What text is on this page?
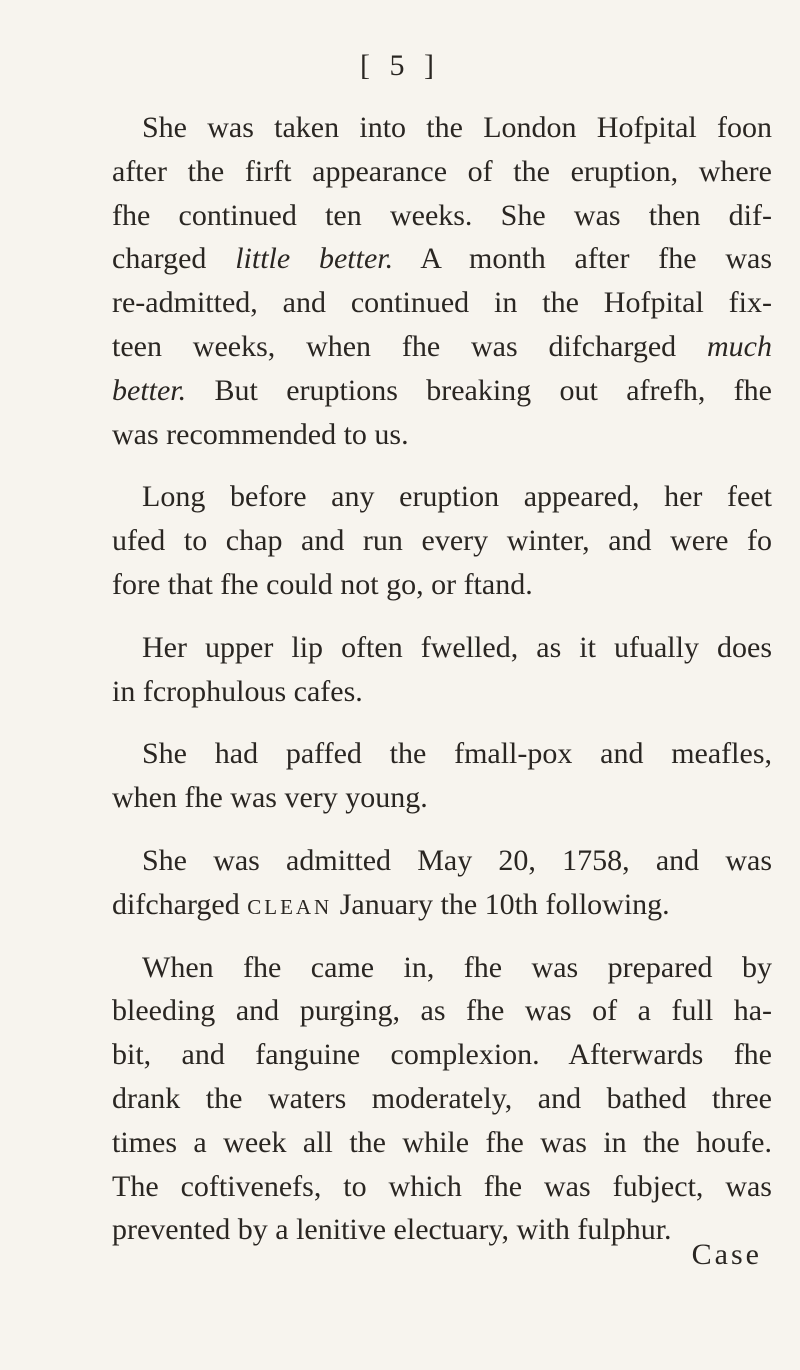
[ 5 ]
She was taken into the London Hofpital foon
after the firft appearance of the eruption, where
fhe continued ten weeks. She was then dif-
charged little better. A month after fhe was
re-admitted, and continued in the Hofpital fix-
teen weeks, when fhe was difcharged much
better. But eruptions breaking out afrefh, fhe
was recommended to us.
Long before any eruption appeared, her feet
ufed to chap and run every winter, and were fo
fore that fhe could not go, or ftand.
Her upper lip often fwelled, as it ufually does
in fcrophulous cafes.
She had paffed the fmall-pox and meafles,
when fhe was very young.
She was admitted May 20, 1758, and was
difcharged clean January the 10th following.
When fhe came in, fhe was prepared by
bleeding and purging, as fhe was of a full ha-
bit, and fanguine complexion. Afterwards fhe
drank the waters moderately, and bathed three
times a week all the while fhe was in the houfe.
The coftivenefs, to which fhe was fubject, was
prevented by a lenitive electuary, with fulphur.
Case
